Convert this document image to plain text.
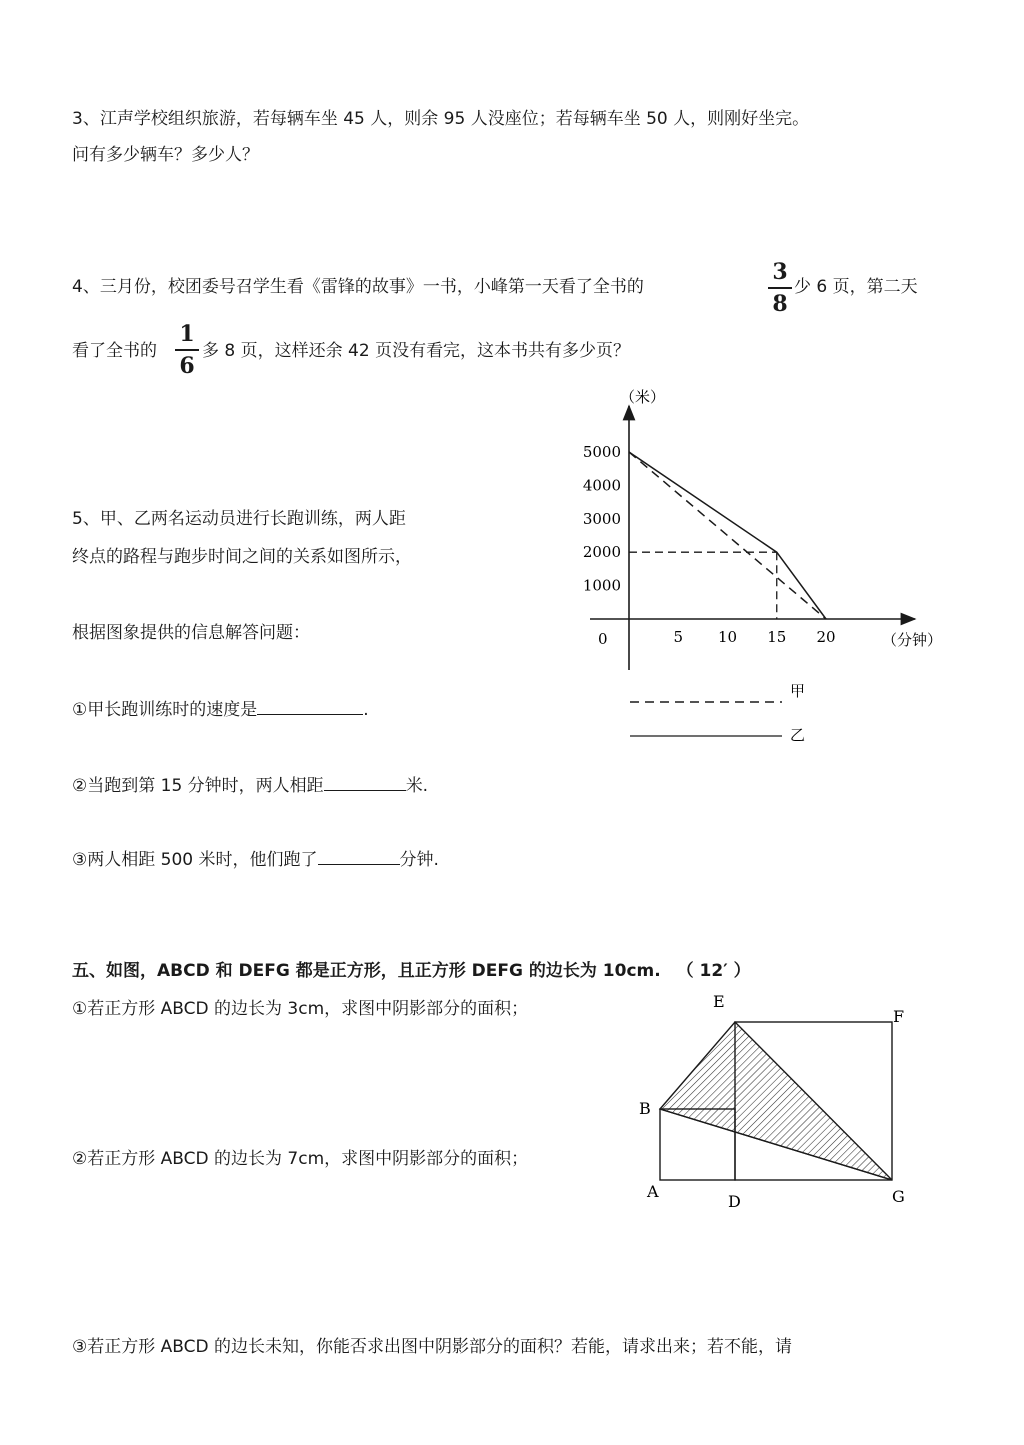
3、江声学校组织旅游，若每辆车坐 45 人，则余 95 人没座位；若每辆车坐 50 人，则刚好坐完。
问有多少辆车？多少人？
4、三月份，校团委号召学生看《雷锋的故事》一书，小峰第一天看了全书的
3
8
少 6 页，第二天
看了全书的
1
6
多 8 页，这样还余 42 页没有看完，这本书共有多少页？
5、甲、乙两名运动员进行长跑训练，两人距
终点的路程与跑步时间之间的关系如图所示，
根据图象提供的信息解答问题：
①甲长跑训练时的速度是	.
②当跑到第 15 分钟时，两人相距	米.
③两人相距 500 米时，他们跑了	分钟.
（米）
（分钟）
0
1000
2000
3000
4000
5000
5 10 15 20
甲
乙
五、如图，ABCD 和 DEFG 都是正方形，且正方形 DEFG 的边长为 10cm. （ 12′ ）
①若正方形 ABCD 的边长为 3cm，求图中阴影部分的面积；
②若正方形 ABCD 的边长为 7cm，求图中阴影部分的面积；
③若正方形 ABCD 的边长未知，你能否求出图中阴影部分的面积？若能，请求出来；若不能，请
E
F
B
A
D	G
